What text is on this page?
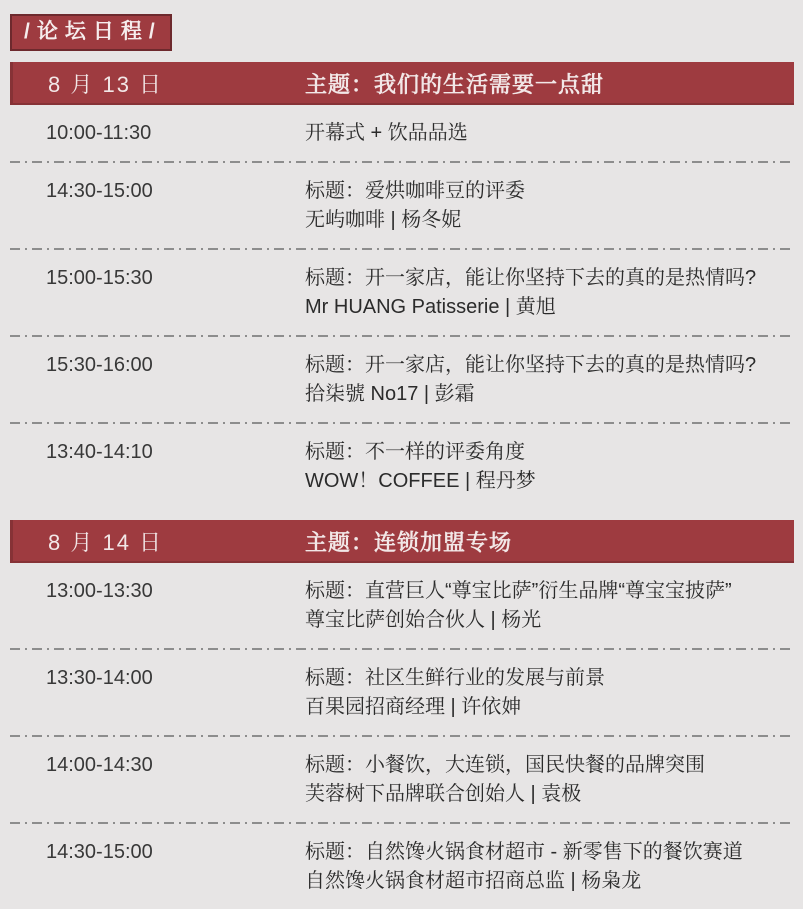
/论坛日程/
8 月 13 日	主题：我们的生活需要一点甜
10:00-11:30	开幕式 + 饮品品选
14:30-15:00	标题：爱烘咖啡豆的评委
无屿咖啡 | 杨冬妮
15:00-15:30	标题：开一家店，能让你坚持下去的真的是热情吗?
Mr HUANG Patisserie | 黄旭
15:30-16:00	标题：开一家店，能让你坚持下去的真的是热情吗?
拾柒號 No17 | 彭霜
13:40-14:10	标题：不一样的评委角度
WOW！COFFEE | 程丹梦
8 月 14 日	主题：连锁加盟专场
13:00-13:30	标题：直营巨人“尊宝比萨”衍生品牌“尊宝宝披萨”
尊宝比萨创始合伙人 | 杨光
13:30-14:00	标题：社区生鲜行业的发展与前景
百果园招商经理 | 许依妽
14:00-14:30	标题：小餐饮，大连锁，国民快餐的品牌突围
芙蓉树下品牌联合创始人 | 袁极
14:30-15:00	标题：自然馋火锅食材超市 - 新零售下的餐饮赛道
自然馋火锅食材超市招商总监 | 杨枭龙
